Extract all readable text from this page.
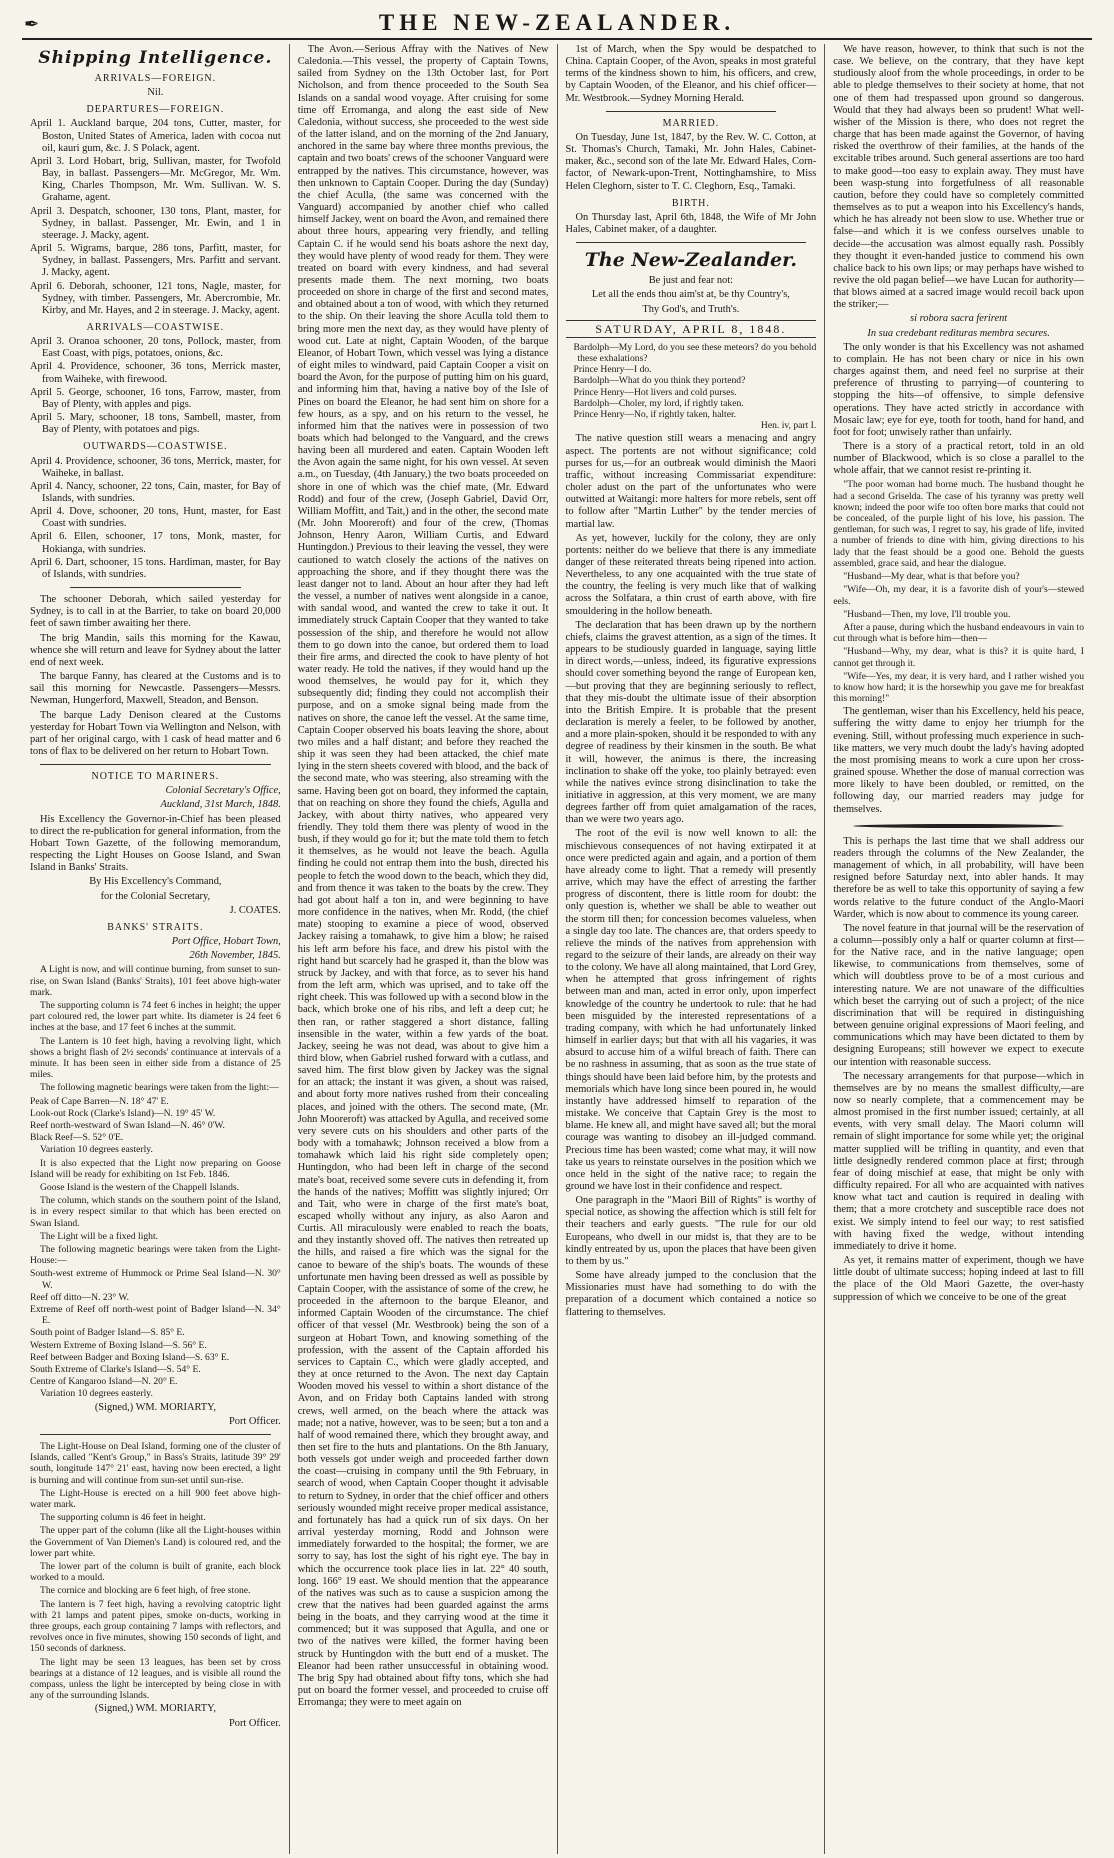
✒	THE NEW-ZEALANDER.
Shipping Intelligence.
ARRIVALS—FOREIGN.

Nil.

DEPARTURES—FOREIGN.

April 1. Auckland barque, 204 tons, Cutter, master, for Boston, United States of America, laden with cocoa nut oil, kauri gum, &c. J. S Polack, agent.

April 3. Lord Hobart, brig, Sullivan, master, for Twofold Bay, in ballast. Passengers—Mr. McGregor, Mr. Wm. King, Charles Thompson, Mr. Wm. Sullivan. W. S. Grahame, agent.

April 3. Despatch, schooner, 130 tons, Plant, master, for Sydney, in ballast. Passenger, Mr. Ewin, and 1 in steerage. J. Macky, agent.

April 5. Wigrams, barque, 286 tons, Parfitt, master, for Sydney, in ballast. Passengers, Mrs. Parfitt and servant. J. Macky, agent.

April 6. Deborah, schooner, 121 tons, Nagle, master, for Sydney, with timber. Passengers, Mr. Abercrombie, Mr. Kirby, and Mr. Hayes, and 2 in steerage. J. Macky, agent.

ARRIVALS—COASTWISE.

April 3. Oranoa schooner, 20 tons, Pollock, master, from East Coast, with pigs, potatoes, onions, &c.

April 4. Providence, schooner, 36 tons, Merrick master, from Waiheke, with firewood.

April 5. George, schooner, 16 tons, Farrow, master, from Bay of Plenty, with apples and pigs.

April 5. Mary, schooner, 18 tons, Sambell, master, from Bay of Plenty, with potatoes and pigs.

OUTWARDS—COASTWISE.

April 4. Providence, schooner, 36 tons, Merrick, master, for Waiheke, in ballast.

April 4. Nancy, schooner, 22 tons, Cain, master, for Bay of Islands, with sundries.

April 4. Dove, schooner, 20 tons, Hunt, master, for East Coast with sundries.

April 6. Ellen, schooner, 17 tons, Monk, master, for Hokianga, with sundries.

April 6. Dart, schooner, 15 tons. Hardiman, master, for Bay of Islands, with sundries.

The schooner Deborah, which sailed yesterday for Sydney, is to call in at the Barrier, to take on board 20,000 feet of sawn timber awaiting her there.

The brig Mandin, sails this morning for the Kawau, whence she will return and leave for Sydney about the latter end of next week.

The barque Fanny, has cleared at the Customs and is to sail this morning for Newcastle. Passengers—Messrs. Newman, Hungerford, Maxwell, Steadon, and Benson.

The barque Lady Denison cleared at the Customs yesterday for Hobart Town via Wellington and Nelson, with part of her original cargo, with 1 cask of head matter and 6 tons of flax to be delivered on her return to Hobart Town.

NOTICE TO MARINERS.

Colonial Secretary's Office,

Auckland, 31st March, 1848.

His Excellency the Governor-in-Chief has been pleased to direct the re-publication for general information, from the Hobart Town Gazette, of the following memorandum, respecting the Light Houses on Goose Island, and Swan Island in Banks' Straits.

By His Excellency's Command,

for the Colonial Secretary,

J. COATES.

BANKS' STRAITS.

Port Office, Hobart Town,

26th November, 1845.

A Light is now, and will continue burning, from sunset to sun-rise, on Swan Island (Banks' Straits), 101 feet above high-water mark.

The supporting column is 74 feet 6 inches in height; the upper part coloured red, the lower part white. Its diameter is 24 feet 6 inches at the base, and 17 feet 6 inches at the summit.

The Lantern is 10 feet high, having a revolving light, which shows a bright flash of 2½ seconds' continuance at intervals of a minute. It has been seen in either side from a distance of 25 miles.

The following magnetic bearings were taken from the light:—

Peak of Cape Barren—N. 18° 47' E.

Look-out Rock (Clarke's Island)—N. 19° 45' W.

Reef north-westward of Swan Island—N. 46° 0'W.

Black Reef—S. 52° 0'E.

Variation 10 degrees easterly.

It is also expected that the Light now preparing on Goose Island will be ready for exhibiting on 1st Feb. 1846.

Goose Island is the western of the Chappell Islands.

The column, which stands on the southern point of the Island, is in every respect similar to that which has been erected on Swan Island.

The Light will be a fixed light.

The following magnetic bearings were taken from the Light-House:—

South-west extreme of Hummock or Prime Seal Island—N. 30° W.

Reef off ditto—N. 23° W.

Extreme of Reef off north-west point of Badger Island—N. 34° E.

South point of Badger Island—S. 85° E.

Western Extreme of Boxing Island—S. 56° E.

Reef between Badger and Boxing Island—S. 63° E.

South Extreme of Clarke's Island—S. 54° E.

Centre of Kangaroo Island—N. 20° E.

Variation 10 degrees easterly.

(Signed,) WM. MORIARTY,

Port Officer.

The Light-House on Deal Island, forming one of the cluster of Islands, called "Kent's Group," in Bass's Straits, latitude 39° 29' south, longitude 147° 21' east, having now been erected, a light is burning and will continue from sun-set until sun-rise.

The Light-House is erected on a hill 900 feet above high-water mark.

The supporting column is 46 feet in height.

The upper part of the column (like all the Light-houses within the Government of Van Diemen's Land) is coloured red, and the lower part white.

The lower part of the column is built of granite, each block worked to a mould.

The cornice and blocking are 6 feet high, of free stone.

The lantern is 7 feet high, having a revolving catoptric light with 21 lamps and patent pipes, smoke on-ducts, working in three groups, each group containing 7 lamps with reflectors, and revolves once in five minutes, showing 150 seconds of light, and 150 seconds of darkness.

The light may be seen 13 leagues, has been set by cross bearings at a distance of 12 leagues, and is visible all round the compass, unless the light be intercepted by being close in with any of the surrounding Islands.

(Signed,) WM. MORIARTY,

Port Officer.

The Avon.—Serious Affray with the Natives of New Caledonia.—This vessel, the property of Captain Towns, sailed from Sydney on the 13th October last, for Port Nicholson, and from thence proceeded to the South Sea Islands on a sandal wood voyage. After cruising for some time off Erromanga, and along the east side of New Caledonia, without success, she proceeded to the west side of the latter island, and on the morning of the 2nd January, anchored in the same bay where three months previous, the captain and two boats' crews of the schooner Vanguard were entrapped by the natives. This circumstance, however, was then unknown to Captain Cooper. During the day (Sunday) the chief Aculla, (the same was concerned with the Vanguard) accompanied by another chief who called himself Jackey, went on board the Avon, and remained there about three hours, appearing very friendly, and telling Captain C. if he would send his boats ashore the next day, they would have plenty of wood ready for them. They were treated on board with every kindness, and had several presents made them. The next morning, two boats proceeded on shore in charge of the first and second mates, and obtained about a ton of wood, with which they returned to the ship. On their leaving the shore Aculla told them to bring more men the next day, as they would have plenty of wood cut. Late at night, Captain Wooden, of the barque Eleanor, of Hobart Town, which vessel was lying a distance of eight miles to windward, paid Captain Cooper a visit on board the Avon, for the purpose of putting him on his guard, and informing him that, having a native boy of the Isle of Pines on board the Eleanor, he had sent him on shore for a few hours, as a spy, and on his return to the vessel, he informed him that the natives were in possession of two boats which had belonged to the Vanguard, and the crews having been all murdered and eaten. Captain Wooden left the Avon again the same night, for his own vessel. At seven a.m., on Tuesday, (4th January,) the two boats proceeded on shore in one of which was the chief mate, (Mr. Edward Rodd) and four of the crew, (Joseph Gabriel, David Orr, William Moffitt, and Tait,) and in the other, the second mate (Mr. John Mooreroft) and four of the crew, (Thomas Johnson, Henry Aaron, William Curtis, and Edward Huntingdon.) Previous to their leaving the vessel, they were cautioned to watch closely the actions of the natives on approaching the shore, and if they thought there was the least danger not to land. About an hour after they had left the vessel, a number of natives went alongside in a canoe, with sandal wood, and wanted the crew to take it out. It immediately struck Captain Cooper that they wanted to take possession of the ship, and therefore he would not allow them to go down into the canoe, but ordered them to load their fire arms, and directed the cook to have plenty of hot water ready. He told the natives, if they would hand up the wood themselves, he would pay for it, which they subsequently did; finding they could not accomplish their purpose, and on a smoke signal being made from the natives on shore, the canoe left the vessel. At the same time, Captain Cooper observed his boats leaving the shore, about two miles and a half distant; and before they reached the ship it was seen they had been attacked, the chief mate lying in the stern sheets covered with blood, and the back of the second mate, who was steering, also streaming with the same. Having been got on board, they informed the captain, that on reaching on shore they found the chiefs, Agulla and Jackey, with about thirty natives, who appeared very friendly. They told them there was plenty of wood in the bush, if they would go for it; but the mate told them to fetch it themselves, as he would not leave the beach. Agulla finding he could not entrap them into the bush, directed his people to fetch the wood down to the beach, which they did, and from thence it was taken to the boats by the crew. They had got about half a ton in, and were beginning to have more confidence in the natives, when Mr. Rodd, (the chief mate) stooping to examine a piece of wood, observed Jackey raising a tomahawk, to give him a blow; he raised his left arm before his face, and drew his pistol with the right hand but scarcely had he grasped it, than the blow was struck by Jackey, and with that force, as to sever his hand from the left arm, which was uprised, and to take off the right cheek. This was followed up with a second blow in the back, which broke one of his ribs, and left a deep cut; he then ran, or rather staggered a short distance, falling insensible in the water, within a few yards of the boat. Jackey, seeing he was not dead, was about to give him a third blow, when Gabriel rushed forward with a cutlass, and saved him. The first blow given by Jackey was the signal for an attack; the instant it was given, a shout was raised, and about forty more natives rushed from their concealing places, and joined with the others. The second mate, (Mr. John Mooreroft) was attacked by Agulla, and received some very severe cuts on his shoulders and other parts of the body with a tomahawk; Johnson received a blow from a tomahawk which laid his right side completely open; Huntingdon, who had been left in charge of the second mate's boat, received some severe cuts in defending it, from the hands of the natives; Moffitt was slightly injured; Orr and Tait, who were in charge of the first mate's boat, escaped wholly without any injury, as also Aaron and Curtis. All miraculously were enabled to reach the boats, and they instantly shoved off. The natives then retreated up the hills, and raised a fire which was the signal for the canoe to beware of the ship's boats. The wounds of these unfortunate men having been dressed as well as possible by Captain Cooper, with the assistance of some of the crew, he proceeded in the afternoon to the barque Eleanor, and informed Captain Wooden of the circumstance. The chief officer of that vessel (Mr. Westbrook) being the son of a surgeon at Hobart Town, and knowing something of the profession, with the assent of the Captain afforded his services to Captain C., which were gladly accepted, and they at once returned to the Avon. The next day Captain Wooden moved his vessel to within a short distance of the Avon, and on Friday both Captains landed with strong crews, well armed, on the beach where the attack was made; not a native, however, was to be seen; but a ton and a half of wood remained there, which they brought away, and then set fire to the huts and plantations. On the 8th January, both vessels got under weigh and proceeded farther down the coast—cruising in company until the 9th February, in search of wood, when Captain Cooper thought it advisable to return to Sydney, in order that the chief officer and others seriously wounded might receive proper medical assistance, and fortunately has had a quick run of six days. On her arrival yesterday morning, Rodd and Johnson were immediately forwarded to the hospital; the former, we are sorry to say, has lost the sight of his right eye. The bay in which the occurrence took place lies in lat. 22° 40 south, long. 166° 19 east. We should mention that the appearance of the natives was such as to cause a suspicion among the crew that the natives had been guarded against the arms being in the boats, and they carrying wood at the time it commenced; but it was supposed that Agulla, and one or two of the natives were killed, the former having been struck by Huntingdon with the butt end of a musket. The Eleanor had been rather unsuccessful in obtaining wood. The brig Spy had obtained about fifty tons, which she had put on board the former vessel, and proceeded to cruise off Erromanga; they were to meet again on

1st of March, when the Spy would be despatched to China. Captain Cooper, of the Avon, speaks in most grateful terms of the kindness shown to him, his officers, and crew, by Captain Wooden, of the Eleanor, and his chief officer—Mr. Westbrook.—Sydney Morning Herald.

MARRIED.

On Tuesday, June 1st, 1847, by the Rev. W. C. Cotton, at St. Thomas's Church, Tamaki, Mr. John Hales, Cabinet-maker, &c., second son of the late Mr. Edward Hales, Corn-factor, of Newark-upon-Trent, Nottinghamshire, to Miss Helen Cleghorn, sister to T. C. Cleghorn, Esq., Tamaki.

BIRTH.

On Thursday last, April 6th, 1848, the Wife of Mr John Hales, Cabinet maker, of a daughter.

The New-Zealander.

Be just and fear not:

Let all the ends thou aim'st at, be thy Country's,

Thy God's, and Truth's.

SATURDAY, APRIL 8, 1848.

Bardolph—My Lord, do you see these meteors? do you behold these exhalations?

Prince Henry—I do.

Bardolph—What do you think they portend?

Prince Henry—Hot livers and cold purses.

Bardolph—Choler, my lord, if rightly taken.

Prince Henry—No, if rightly taken, halter.

Hen. iv, part I.

The native question still wears a menacing and angry aspect. The portents are not without significance; cold purses for us,—for an outbreak would diminish the Maori traffic, without increasing Commissariat expenditure: choler adust on the part of the unfortunates who were outwitted at Waitangi: more halters for more rebels, sent off to follow after "Martin Luther" by the tender mercies of martial law.

As yet, however, luckily for the colony, they are only portents: neither do we believe that there is any immediate danger of these reiterated threats being ripened into action. Nevertheless, to any one acquainted with the true state of the country, the feeling is very much like that of walking across the Solfatara, a thin crust of earth above, with fire smouldering in the hollow beneath.

The declaration that has been drawn up by the northern chiefs, claims the gravest attention, as a sign of the times. It appears to be studiously guarded in language, saying little in direct words,—unless, indeed, its figurative expressions should cover something beyond the range of European ken,—but proving that they are beginning seriously to reflect, that they mis-doubt the ultimate issue of their absorption into the British Empire. It is probable that the present declaration is merely a feeler, to be followed by another, and a more plain-spoken, should it be responded to with any degree of readiness by their kinsmen in the south. Be what it will, however, the animus is there, the increasing inclination to shake off the yoke, too plainly betrayed: even while the natives evince strong disinclination to take the initiative in aggression, at this very moment, we are many degrees farther off from quiet amalgamation of the races, than we were two years ago.

The root of the evil is now well known to all: the mischievous consequences of not having extirpated it at once were predicted again and again, and a portion of them have already come to light. That a remedy will presently arrive, which may have the effect of arresting the farther progress of discontent, there is little room for doubt: the only question is, whether we shall be able to weather out the storm till then; for concession becomes valueless, when a single day too late. The chances are, that orders speedy to relieve the minds of the natives from apprehension with regard to the seizure of their lands, are already on their way to the colony. We have all along maintained, that Lord Grey, when he attempted that gross infringement of rights between man and man, acted in error only, upon imperfect knowledge of the country he undertook to rule: that he had been misguided by the interested representations of a trading company, with which he had unfortunately linked himself in earlier days; but that with all his vagaries, it was absurd to accuse him of a wilful breach of faith. There can be no rashness in assuming, that as soon as the true state of things should have been laid before him, by the protests and memorials which have long since been poured in, he would instantly have addressed himself to reparation of the mistake. We conceive that Captain Grey is the most to blame. He knew all, and might have saved all; but the moral courage was wanting to disobey an ill-judged command. Precious time has been wasted; come what may, it will now take us years to reinstate ourselves in the position which we once held in the sight of the native race; to regain the ground we have lost in their confidence and respect.

One paragraph in the "Maori Bill of Rights" is worthy of special notice, as showing the affection which is still felt for their teachers and early guests. "The rule for our old Europeans, who dwell in our midst is, that they are to be kindly entreated by us, upon the places that have been given to them by us."

Some have already jumped to the conclusion that the Missionaries must have had something to do with the preparation of a document which contained a notice so flattering to themselves.

We have reason, however, to think that such is not the case. We believe, on the contrary, that they have kept studiously aloof from the whole proceedings, in order to be able to pledge themselves to their society at home, that not one of them had trespassed upon ground so dangerous. Would that they had always been so prudent! What well-wisher of the Mission is there, who does not regret the charge that has been made against the Governor, of having risked the overthrow of their families, at the hands of the excitable tribes around. Such general assertions are too hard to make good—too easy to explain away. They must have been wasp-stung into forgetfulness of all reasonable caution, before they could have so completely committed themselves as to put a weapon into his Excellency's hands, which he has already not been slow to use. Whether true or false—and which it is we confess ourselves unable to decide—the accusation was almost equally rash. Possibly they thought it even-handed justice to commend his own chalice back to his own lips; or may perhaps have wished to revive the old pagan belief—we have Lucan for authority—that blows aimed at a sacred image would recoil back upon the striker;—

si robora sacra ferirent

In sua credebant redituras membra secures.

The only wonder is that his Excellency was not ashamed to complain. He has not been chary or nice in his own charges against them, and need feel no surprise at their preference of thrusting to parrying—of countering to stopping the hits—of offensive, to simple defensive operations. They have acted strictly in accordance with Mosaic law; eye for eye, tooth for tooth, hand for hand, and foot for foot; unwisely rather than unfairly.

There is a story of a practical retort, told in an old number of Blackwood, which is so close a parallel to the whole affair, that we cannot resist re-printing it.

"The poor woman had borne much. The husband thought he had a second Griselda. The case of his tyranny was pretty well known; indeed the poor wife too often bore marks that could not be concealed, of the purple light of his love, his passion. The gentleman, for such was, I regret to say, his grade of life, invited a number of friends to dine with him, giving directions to his lady that the feast should be a good one. Behold the guests assembled, grace said, and hear the dialogue.

"Husband—My dear, what is that before you?

"Wife—Oh, my dear, it is a favorite dish of your's—stewed eels.

"Husband—Then, my love, I'll trouble you.

After a pause, during which the husband endeavours in vain to cut through what is before him—then—

"Husband—Why, my dear, what is this? it is quite hard, I cannot get through it.

"Wife—Yes, my dear, it is very hard, and I rather wished you to know how hard; it is the horsewhip you gave me for breakfast this morning!"

The gentleman, wiser than his Excellency, held his peace, suffering the witty dame to enjoy her triumph for the evening. Still, without professing much experience in such-like matters, we very much doubt the lady's having adopted the most promising means to work a cure upon her cross-grained spouse. Whether the dose of manual correction was more likely to have been doubled, or remitted, on the following day, our married readers may judge for themselves.

This is perhaps the last time that we shall address our readers through the columns of the New Zealander, the management of which, in all probability, will have been resigned before Saturday next, into abler hands. It may therefore be as well to take this opportunity of saying a few words relative to the future conduct of the Anglo-Maori Warder, which is now about to commence its young career.

The novel feature in that journal will be the reservation of a column—possibly only a half or quarter column at first—for the Native race, and in the native language; open likewise, to communications from themselves, some of which will doubtless prove to be of a most curious and interesting nature. We are not unaware of the difficulties which beset the carrying out of such a project; of the nice discrimination that will be required in distinguishing between genuine original expressions of Maori feeling, and communications which may have been dictated to them by designing Europeans; still however we expect to execute our intention with reasonable success.

The necessary arrangements for that purpose—which in themselves are by no means the smallest difficulty,—are now so nearly complete, that a commencement may be almost promised in the first number issued; certainly, at all events, with very small delay. The Maori column will remain of slight importance for some while yet; the original matter supplied will be trifling in quantity, and even that little designedly rendered common place at first; through fear of doing mischief at ease, that might be only with difficulty repaired. For all who are acquainted with natives know what tact and caution is required in dealing with them; that a more crotchety and susceptible race does not exist. We simply intend to feel our way; to rest satisfied with having fixed the wedge, without intending immediately to drive it home.

As yet, it remains matter of experiment, though we have little doubt of ultimate success; hoping indeed at last to fill the place of the Old Maori Gazette, the over-hasty suppression of which we conceive to be one of the great
